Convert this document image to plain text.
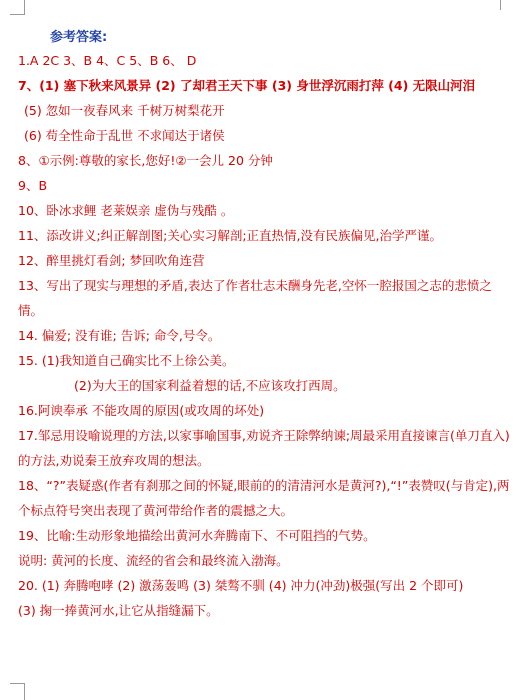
参考答案:
1.A 2C 3、B 4、C 5、B 6、 D
7、(1) 塞下秋来风景异 (2) 了却君王天下事 (3) 身世浮沉雨打萍 (4) 无限山河泪
(5) 忽如一夜春风来 千树万树梨花开
(6) 苟全性命于乱世 不求闻达于诸侯
8、①示例:尊敬的家长,您好!②一会儿 20 分钟
9、B
10、卧冰求鲤 老莱娱亲 虚伪与残酷 。
11、添改讲义;纠正解剖图;关心实习解剖;正直热情,没有民族偏见,治学严谨。
12、醉里挑灯看剑; 梦回吹角连营
13、写出了现实与理想的矛盾,表达了作者壮志未酬身先老,空怀一腔报国之志的悲愤之情。
14. 偏爱; 没有谁; 告诉; 命令,号令。
15. (1)我知道自己确实比不上徐公美。
(2)为大王的国家利益着想的话,不应该攻打西周。
16.阿谀奉承 不能攻周的原因(或攻周的坏处)
17.邹忌用设喻说理的方法,以家事喻国事,劝说齐王除弊纳谏;周最采用直接谏言(单刀直入)的方法,劝说秦王放弃攻周的想法。
18、“?”表疑惑(作者有刹那之间的怀疑,眼前的的清清河水是黄河?),“!”表赞叹(与肯定),两个标点符号突出表现了黄河带给作者的震撼之大。
19、比喻:生动形象地描绘出黄河水奔腾南下、不可阻挡的气势。
说明: 黄河的长度、流经的省会和最终流入渤海。
20. (1) 奔腾咆哮 (2) 激荡轰鸣 (3) 桀骜不驯 (4) 冲力(冲劲)极强(写出 2 个即可)
(3) 掬一捧黄河水,让它从指缝漏下。
